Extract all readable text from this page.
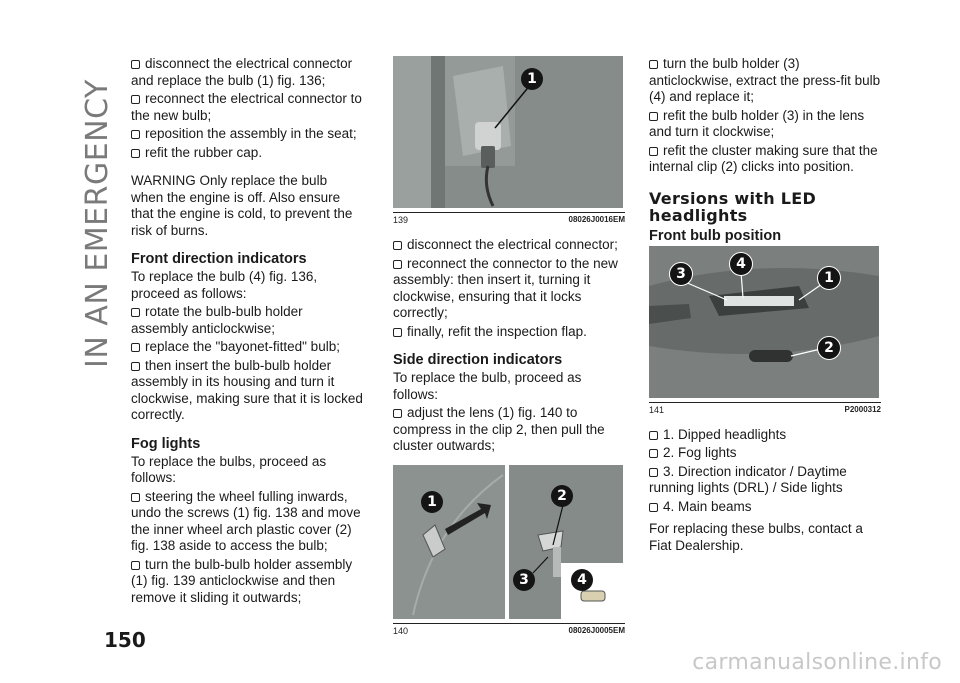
IN AN EMERGENCY

disconnect the electrical connector and replace the bulb (1) fig. 136;

reconnect the electrical connector to the new bulb;

reposition the assembly in the seat;

refit the rubber cap.

WARNING Only replace the bulb when the engine is off. Also ensure that the engine is cold, to prevent the risk of burns.

Front direction indicators

To replace the bulb (4) fig. 136, proceed as follows:

rotate the bulb-bulb holder assembly anticlockwise;

replace the "bayonet-fitted" bulb;

then insert the bulb-bulb holder assembly in its housing and turn it clockwise, making sure that it is locked correctly.

Fog lights

To replace the bulbs, proceed as follows:

steering the wheel fulling inwards, undo the screws (1) fig. 138 and move the inner wheel arch plastic cover (2) fig. 138 aside to access the bulb;

turn the bulb-bulb holder assembly (1) fig. 139 anticlockwise and then remove it sliding it outwards;

1
139	08026J0016EM

disconnect the electrical connector;

reconnect the connector to the new assembly: then insert it, turning it clockwise, ensuring that it locks correctly;

finally, refit the inspection flap.

Side direction indicators

To replace the bulb, proceed as follows:

adjust the lens (1) fig. 140 to compress in the clip 2, then pull the cluster outwards;

1	2
3	4
140	08026J0005EM

turn the bulb holder (3) anticlockwise, extract the press-fit bulb (4) and replace it;

refit the bulb holder (3) in the lens and turn it clockwise;

refit the cluster making sure that the internal clip (2) clicks into position.

Versions with LED headlights
Front bulb position
3
4
1
2
141	P2000312

1. Dipped headlights

2. Fog lights

3. Direction indicator / Daytime running lights (DRL) / Side lights

4. Main beams

For replacing these bulbs, contact a Fiat Dealership.

150
carmanualsonline.info
